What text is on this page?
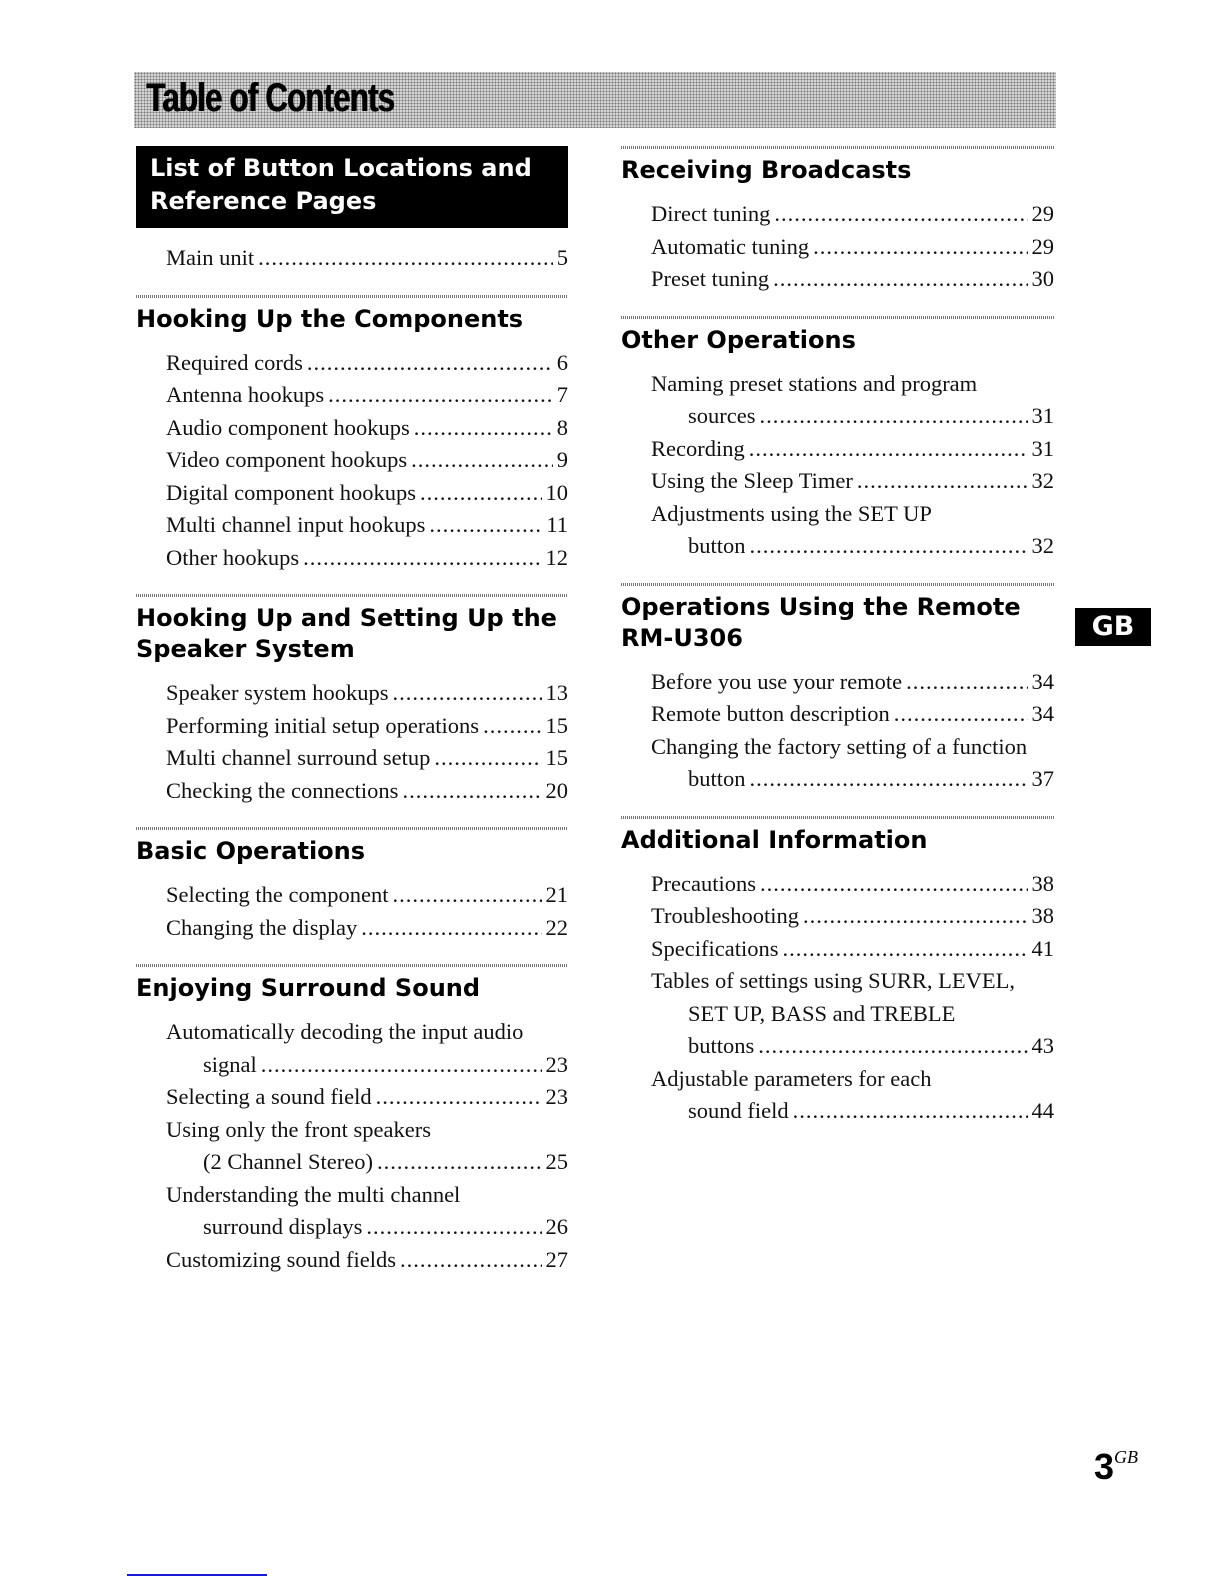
Table of Contents
List of Button Locations and Reference Pages
Main unit .....	5
Hooking Up the Components
Required cords .....	6
Antenna hookups .....	7
Audio component hookups .....	8
Video component hookups .....	9
Digital component hookups .....	10
Multi channel input hookups .....	11
Other hookups .....	12
Hooking Up and Setting Up the Speaker System
Speaker system hookups .....	13
Performing initial setup operations .....	15
Multi channel surround setup .....	15
Checking the connections .....	20
Basic Operations
Selecting the component .....	21
Changing the display .....	22
Enjoying Surround Sound
Automatically decoding the input audio
signal .....	23
Selecting a sound field .....	23
Using only the front speakers
(2 Channel Stereo) .....	25
Understanding the multi channel
surround displays .....	26
Customizing sound fields .....	27
Receiving Broadcasts
Direct tuning .....	29
Automatic tuning .....	29
Preset tuning .....	30
Other Operations
Naming preset stations and program
sources .....	31
Recording .....	31
Using the Sleep Timer .....	32
Adjustments using the SET UP
button .....	32
Operations Using the Remote RM-U306
Before you use your remote .....	34
Remote button description .....	34
Changing the factory setting of a function
button .....	37
Additional Information
Precautions .....	38
Troubleshooting .....	38
Specifications .....	41
Tables of settings using SURR, LEVEL,
SET UP, BASS and TREBLE
buttons .....	43
Adjustable parameters for each
sound field .....	44
GB
$3^{GB}$
